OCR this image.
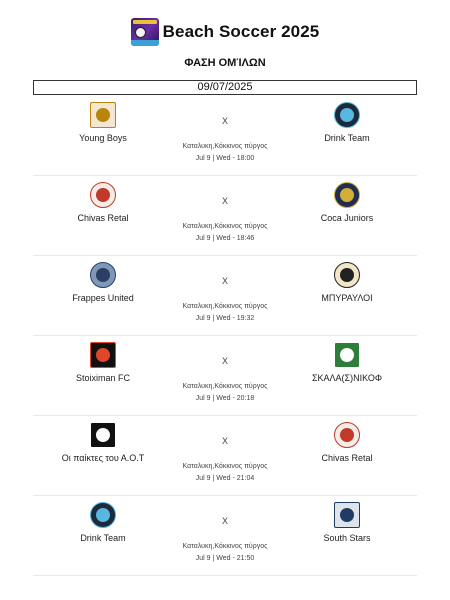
Beach Soccer 2025
ΦΑΣΗ ΟΜΊΛΩΝ
09/07/2025
Young Boys
X
Drink Team
Καταλυκη,Κόκκινος πύργος
Jul 9 | Wed - 18:00
Chivas Retal
X
Coca Juniors
Καταλυκη,Κόκκινος πύργος
Jul 9 | Wed - 18:46
Frappes United
X
ΜΠΥΡΑΥΛΟΙ
Καταλυκη,Κόκκινος πύργος
Jul 9 | Wed - 19:32
Stoiximan FC
X
ΣΚΑΛΑ(Σ)ΝΙΚΟΦ
Καταλυκη,Κόκκινος πύργος
Jul 9 | Wed - 20:18
Οι παίκτες του Α.Ο.Τ
X
Chivas Retal
Καταλυκη,Κόκκινος πύργος
Jul 9 | Wed - 21:04
Drink Team
X
South Stars
Καταλυκη,Κόκκινος πύργος
Jul 9 | Wed - 21:50
